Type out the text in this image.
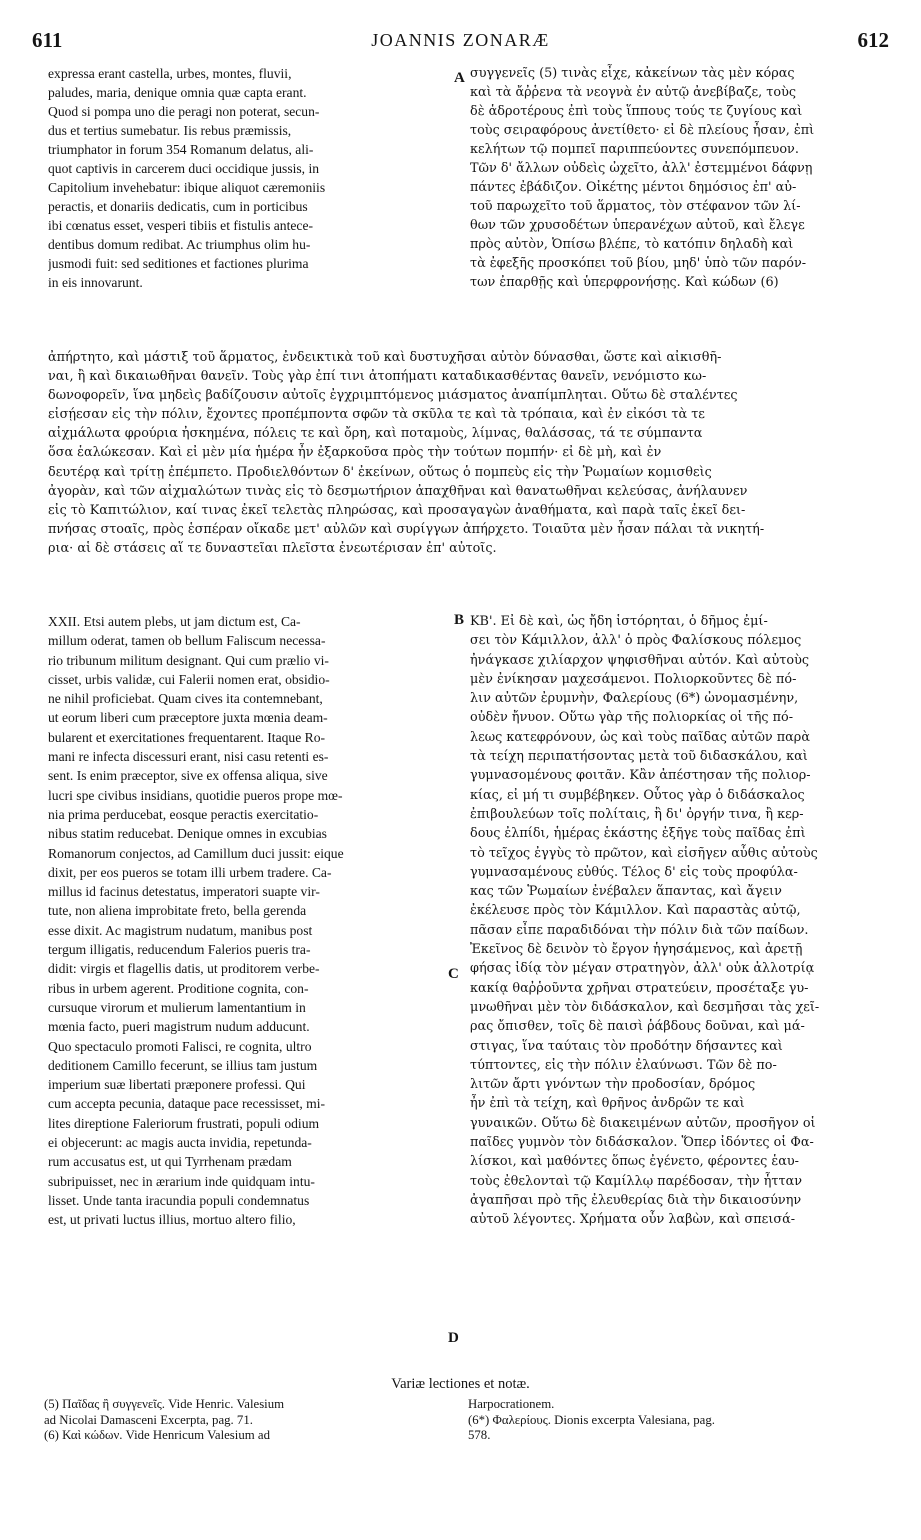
611	JOANNIS ZONARÆ	612
A
B
C
D
expressa erant castella, urbes, montes, fluvii,
paludes, maria, denique omnia quæ capta erant.
Quod si pompa uno die peragi non poterat, secun-
dus et tertius sumebatur. Iis rebus præmissis,
triumphator in forum 354 Romanum delatus, ali-
quot captivis in carcerem duci occidique jussis, in
Capitolium invehebatur: ibique aliquot cæremoniis
peractis, et donariis dedicatis, cum in porticibus
ibi cœnatus esset, vesperi tibiis et fistulis antece-
dentibus domum redibat. Ac triumphus olim hu-
jusmodi fuit: sed seditiones et factiones plurima
in eis innovarunt.
συγγενεῖς (5) τινὰς εἶχε, κἀκείνων τὰς μὲν κόρας
καὶ τὰ ἄῤῥενα τὰ νεογνὰ ἐν αὐτῷ ἀνεβίβαζε, τοὺς
δὲ ἁδροτέρους ἐπὶ τοὺς ἵππους τούς τε ζυγίους καὶ
τοὺς σειραφόρους ἀνετίθετο· εἰ δὲ πλείους ἦσαν, ἐπὶ
κελήτων τῷ πομπεῖ παριππεύοντες συνεπόμπευον.
Τῶν δ' ἄλλων οὐδεὶς ὠχεῖτο, ἀλλ' ἐστεμμένοι δάφνῃ
πάντες ἐβάδιζον. Οἰκέτης μέντοι δημόσιος ἐπ' αὐ-
τοῦ παρωχεῖτο τοῦ ἅρματος, τὸν στέφανον τῶν λί-
θων τῶν χρυσοδέτων ὑπερανέχων αὐτοῦ, καὶ ἔλεγε
πρὸς αὐτὸν, Ὀπίσω βλέπε, τὸ κατόπιν δηλαδὴ καὶ
τὰ ἐφεξῆς προσκόπει τοῦ βίου, μηδ' ὑπὸ τῶν παρόν-
των ἐπαρθῇς καὶ ὑπερφρονήσῃς. Καὶ κώδων (6)
ἀπήρτητο, καὶ μάστιξ τοῦ ἅρματος, ἐνδεικτικὰ τοῦ καὶ δυστυχῆσαι αὐτὸν δύνασθαι, ὥστε καὶ αἰκισθῆ-
ναι, ἢ καὶ δικαιωθῆναι θανεῖν. Τοὺς γὰρ ἐπί τινι ἀτοπήματι καταδικασθέντας θανεῖν, νενόμιστο κω-
δωνοφορεῖν, ἵνα μηδεὶς βαδίζουσιν αὐτοῖς ἐγχριμπτόμενος μιάσματος ἀναπίμπληται. Οὕτω δὲ σταλέντες
εἰσῄεσαν εἰς τὴν πόλιν, ἔχοντες προπέμποντα σφῶν τὰ σκῦλα τε καὶ τὰ τρόπαια, καὶ ἐν εἰκόσι τὰ τε
αἰχμάλωτα φρούρια ἠσκημένα, πόλεις τε καὶ ὄρη, καὶ ποταμοὺς, λίμνας, θαλάσσας, τά τε σύμπαντα
ὅσα ἑαλώκεσαν. Καὶ εἰ μὲν μία ἡμέρα ἦν ἐξαρκοῦσα πρὸς τὴν τούτων πομπήν· εἰ δὲ μὴ, καὶ ἐν
δευτέρᾳ καὶ τρίτῃ ἐπέμπετο. Προδιελθόντων δ' ἐκείνων, οὕτως ὁ πομπεὺς εἰς τὴν Ῥωμαίων κομισθεὶς
ἀγορὰν, καὶ τῶν αἰχμαλώτων τινὰς εἰς τὸ δεσμωτήριον ἀπαχθῆναι καὶ θανατωθῆναι κελεύσας, ἀνήλαυνεν
εἰς τὸ Καπιτώλιον, καί τινας ἐκεῖ τελετὰς πληρώσας, καὶ προσαγαγὼν ἀναθήματα, καὶ παρὰ ταῖς ἐκεῖ δει-
πνήσας στοαῖς, πρὸς ἑσπέραν οἴκαδε μετ' αὐλῶν καὶ συρίγγων ἀπήρχετο. Τοιαῦτα μὲν ἦσαν πάλαι τὰ νικητή-
ρια· αἱ δὲ στάσεις αἵ τε δυναστεῖαι πλεῖστα ἐνεωτέρισαν ἐπ' αὐτοῖς.
XXII. Etsi autem plebs, ut jam dictum est, Ca-
millum oderat, tamen ob bellum Faliscum necessa-
rio tribunum militum designant. Qui cum prælio vi-
cisset, urbis validæ, cui Falerii nomen erat, obsidio-
ne nihil proficiebat. Quam cives ita contemnebant,
ut eorum liberi cum præceptore juxta mœnia deam-
bularent et exercitationes frequentarent. Itaque Ro-
mani re infecta discessuri erant, nisi casu retenti es-
sent. Is enim præceptor, sive ex offensa aliqua, sive
lucri spe civibus insidians, quotidie pueros prope mœ-
nia prima perducebat, eosque peractis exercitatio-
nibus statim reducebat. Denique omnes in excubias
Romanorum conjectos, ad Camillum duci jussit: eique
dixit, per eos pueros se totam illi urbem tradere. Ca-
millus id facinus detestatus, imperatori suapte vir-
tute, non aliena improbitate freto, bella gerenda
esse dixit. Ac magistrum nudatum, manibus post
tergum illigatis, reducendum Falerios pueris tra-
didit: virgis et flagellis datis, ut proditorem verbe-
ribus in urbem agerent. Proditione cognita, con-
cursuque virorum et mulierum lamentantium in
mœnia facto, pueri magistrum nudum adducunt.
Quo spectaculo promoti Falisci, re cognita, ultro
deditionem Camillo fecerunt, se illius tam justum
imperium suæ libertati præponere professi. Qui
cum accepta pecunia, dataque pace recessisset, mi-
lites direptione Faleriorum frustrati, populi odium
ei objecerunt: ac magis aucta invidia, repetunda-
rum accusatus est, ut qui Tyrrhenam prædam
subripuisset, nec in ærarium inde quidquam intu-
lisset. Unde tanta iracundia populi condemnatus
est, ut privati luctus illius, mortuo altero filio,
ΚΒ'. Εἰ δὲ καὶ, ὡς ἤδη ἱστόρηται, ὁ δῆμος ἐμί-
σει τὸν Κάμιλλον, ἀλλ' ὁ πρὸς Φαλίσκους πόλεμος
ἠνάγκασε χιλίαρχον ψηφισθῆναι αὐτόν. Καὶ αὐτοὺς
μὲν ἐνίκησαν μαχεσάμενοι. Πολιορκοῦντες δὲ πό-
λιν αὐτῶν ἐρυμνὴν, Φαλερίους (6*) ὠνομασμένην,
οὐδὲν ἤνυον. Οὕτω γὰρ τῆς πολιορκίας οἱ τῆς πό-
λεως κατεφρόνουν, ὡς καὶ τοὺς παῖδας αὐτῶν παρὰ
τὰ τείχη περιπατήσοντας μετὰ τοῦ διδασκάλου, καὶ
γυμνασομένους φοιτᾶν. Κἂν ἀπέστησαν τῆς πολιορ-
κίας, εἰ μή τι συμβέβηκεν. Οὗτος γὰρ ὁ διδάσκαλος
ἐπιβουλεύων τοῖς πολίταις, ἢ δι' ὀργήν τινα, ἢ κερ-
δους ἐλπίδι, ἡμέρας ἑκάστης ἐξῆγε τοὺς παῖδας ἐπὶ
τὸ τεῖχος ἐγγὺς τὸ πρῶτον, καὶ εἰσῆγεν αὖθις αὐτοὺς
γυμνασαμένους εὐθύς. Τέλος δ' εἰς τοὺς προφύλα-
κας τῶν Ῥωμαίων ἐνέβαλεν ἅπαντας, καὶ ἄγειν
ἐκέλευσε πρὸς τὸν Κάμιλλον. Καὶ παραστὰς αὐτῷ,
πᾶσαν εἶπε παραδιδόναι τὴν πόλιν διὰ τῶν παίδων.
Ἐκεῖνος δὲ δεινὸν τὸ ἔργον ἡγησάμενος, καὶ ἀρετῇ
φήσας ἰδίᾳ τὸν μέγαν στρατηγὸν, ἀλλ' οὐκ ἀλλοτρίᾳ
κακίᾳ θαῤῥοῦντα χρῆναι στρατεύειν, προσέταξε γυ-
μνωθῆναι μὲν τὸν διδάσκαλον, καὶ δεσμῆσαι τὰς χεῖ-
ρας ὄπισθεν, τοῖς δὲ παισὶ ῥάβδους δοῦναι, καὶ μά-
στιγας, ἵνα ταύταις τὸν προδότην δήσαντες καὶ
τύπτοντες, εἰς τὴν πόλιν ἐλαύνωσι. Τῶν δὲ πο-
λιτῶν ἄρτι γνόντων τὴν προδοσίαν, δρόμος
ἦν ἐπὶ τὰ τείχη, καὶ θρῆνος ἀνδρῶν τε καὶ
γυναικῶν. Οὕτω δὲ διακειμένων αὐτῶν, προσῆγον οἱ
παῖδες γυμνὸν τὸν διδάσκαλον. Ὅπερ ἰδόντες οἱ Φα-
λίσκοι, καὶ μαθόντες ὅπως ἐγένετο, φέροντες ἑαυ-
τοὺς ἐθελονταὶ τῷ Καμίλλῳ παρέδοσαν, τὴν ἧτταν
ἀγαπῆσαι πρὸ τῆς ἐλευθερίας διὰ τὴν δικαιοσύνην
αὐτοῦ λέγοντες. Χρήματα οὖν λαβὼν, καὶ σπεισά-
Variæ lectiones et notæ.
(5) Παῖδας ἢ συγγενεῖς. Vide Henric. Valesium
ad Nicolai Damasceni Excerpta, pag. 71.
(6) Καὶ κώδων. Vide Henricum Valesium ad
Harpocrationem.
(6*) Φαλερίους. Dionis excerpta Valesiana, pag.
578.
